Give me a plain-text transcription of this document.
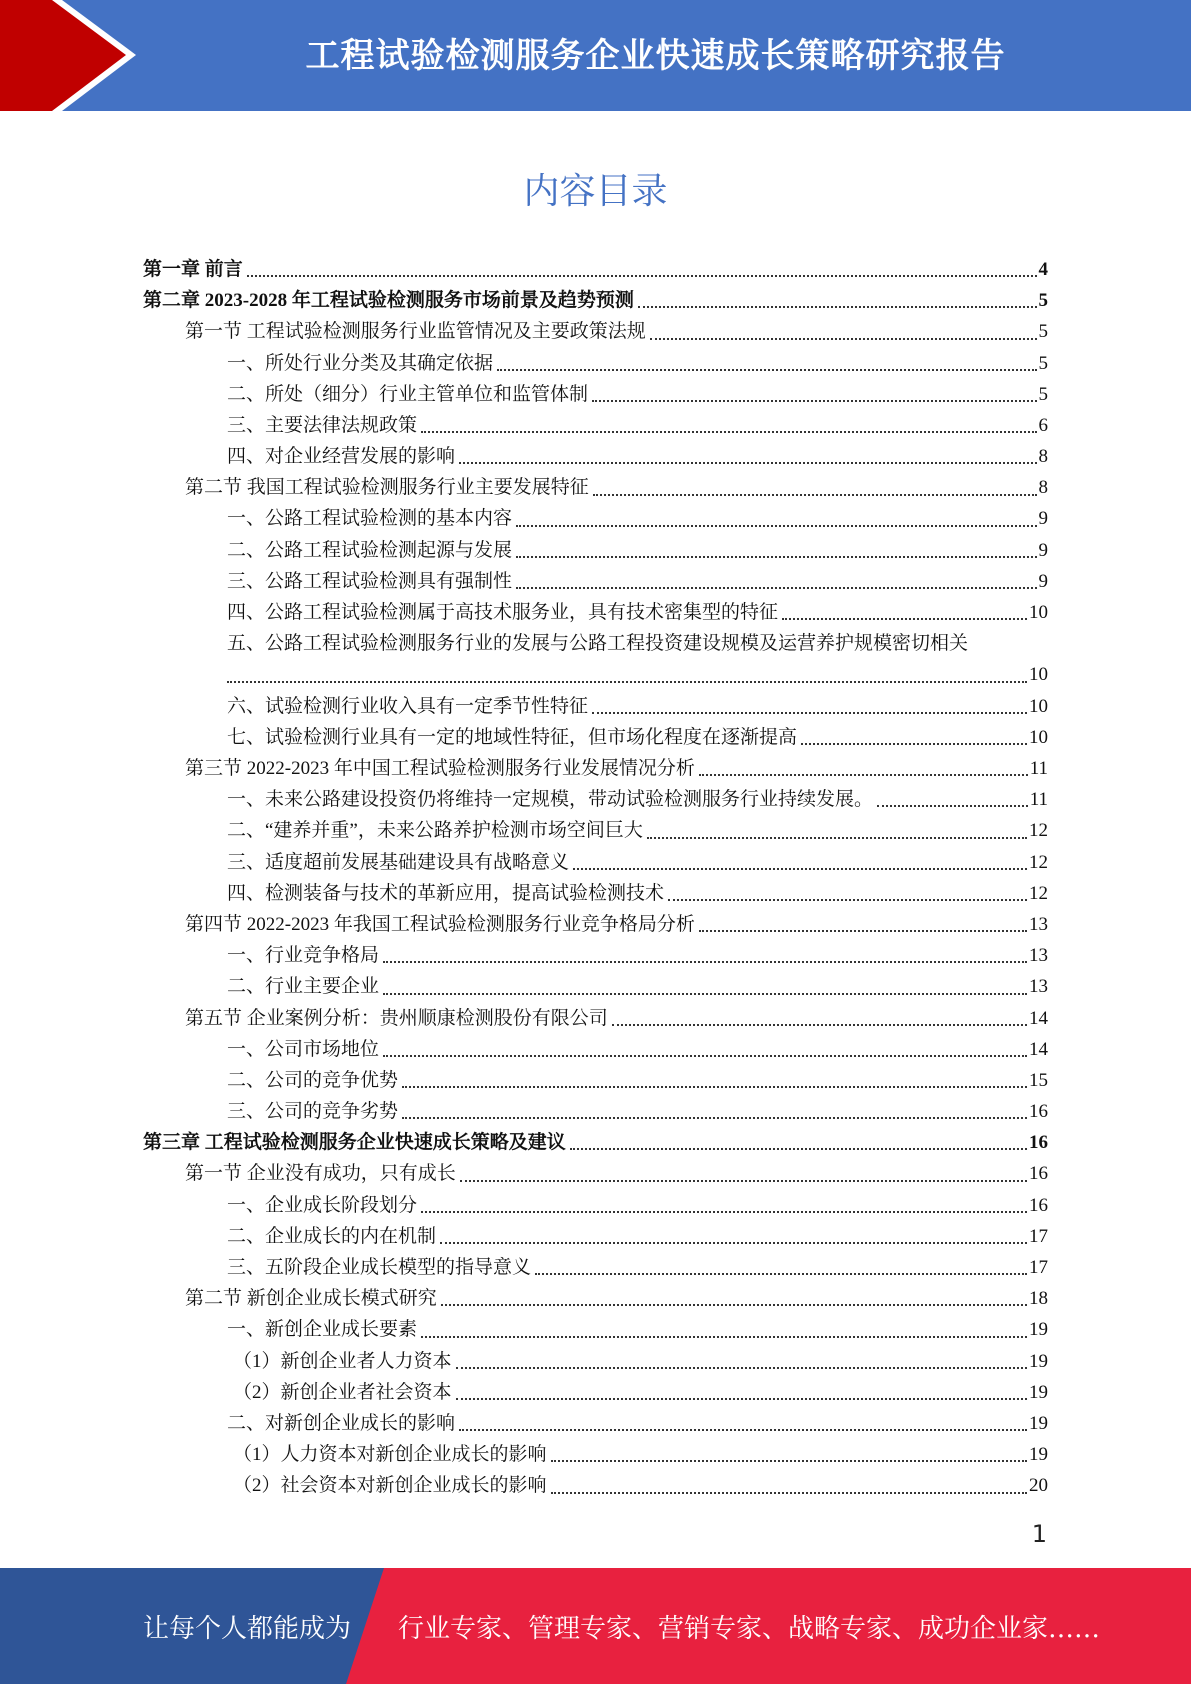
工程试验检测服务企业快速成长策略研究报告
内容目录
第一章 前言	4
第二章 2023-2028 年工程试验检测服务市场前景及趋势预测	5
第一节 工程试验检测服务行业监管情况及主要政策法规	5
一、所处行业分类及其确定依据	5
二、所处（细分）行业主管单位和监管体制	5
三、主要法律法规政策	6
四、对企业经营发展的影响	8
第二节 我国工程试验检测服务行业主要发展特征	8
一、公路工程试验检测的基本内容	9
二、公路工程试验检测起源与发展	9
三、公路工程试验检测具有强制性	9
四、公路工程试验检测属于高技术服务业，具有技术密集型的特征	10
五、公路工程试验检测服务行业的发展与公路工程投资建设规模及运营养护规模密切相关
10
六、试验检测行业收入具有一定季节性特征	10
七、试验检测行业具有一定的地域性特征，但市场化程度在逐渐提高	10
第三节 2022-2023 年中国工程试验检测服务行业发展情况分析	11
一、未来公路建设投资仍将维持一定规模，带动试验检测服务行业持续发展。	11
二、“建养并重”，未来公路养护检测市场空间巨大	12
三、适度超前发展基础建设具有战略意义	12
四、检测装备与技术的革新应用，提高试验检测技术	12
第四节 2022-2023 年我国工程试验检测服务行业竞争格局分析	13
一、行业竞争格局	13
二、行业主要企业	13
第五节 企业案例分析：贵州顺康检测股份有限公司	14
一、公司市场地位	14
二、公司的竞争优势	15
三、公司的竞争劣势	16
第三章 工程试验检测服务企业快速成长策略及建议	16
第一节 企业没有成功，只有成长	16
一、企业成长阶段划分	16
二、企业成长的内在机制	17
三、五阶段企业成长模型的指导意义	17
第二节 新创企业成长模式研究	18
一、新创企业成长要素	19
（1）新创企业者人力资本	19
（2）新创企业者社会资本	19
二、对新创企业成长的影响	19
（1）人力资本对新创企业成长的影响	19
（2）社会资本对新创企业成长的影响	20
1
让每个人都能成为 行业专家、管理专家、营销专家、战略专家、成功企业家……
